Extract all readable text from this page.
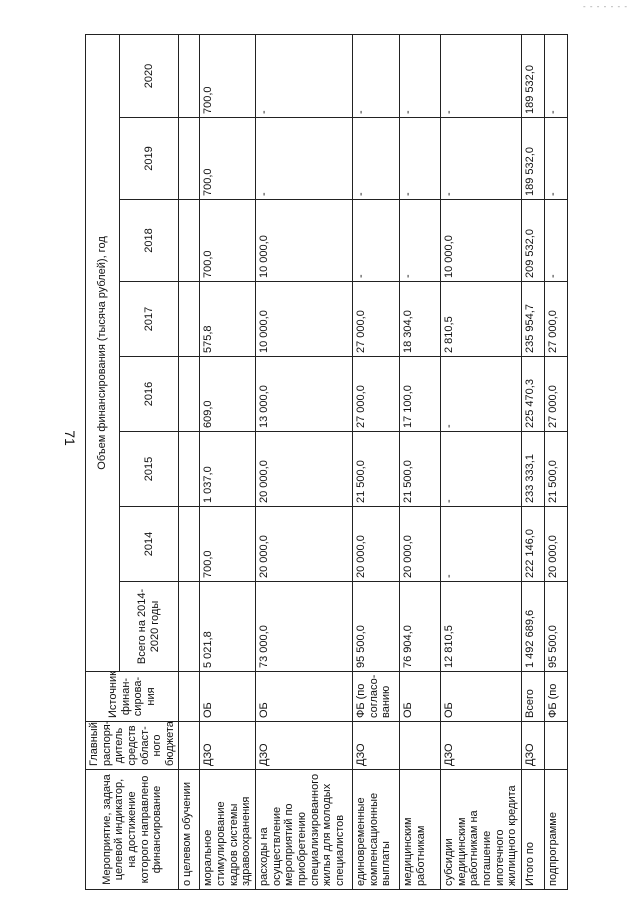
- - - - - - -
71
Мероприятие, задача целевой индикатор, на достижение которого направлено финансирование	Главный распоря-дитель средств област-ного бюджета	Источник финан-сирова-ния	Объем финансирования (тысяча рублей), год							
			Всего на 2014-2020 годы	2014	2015	2016	2017	2018	2019	2020
о целевом обучении										
моральное стимулирование кадров системы здравоохранения	ДЗО	ОБ	5 021,8	700,0	1 037,0	609,0	575,8	700,0	700,0	700,0
расходы на осуществление мероприятий по приобретению специализированного жилья для молодых специалистов	ДЗО	ОБ	73 000,0	20 000,0	20 000,0	13 000,0	10 000,0	10 000,0	-	-
единовременные компенсационные выплаты	ДЗО	ФБ (по согласо-ванию	95 500,0	20 000,0	21 500,0	27 000,0	27 000,0	-	-	-
медицинским работникам		ОБ	76 904,0	20 000,0	21 500,0	17 100,0	18 304,0	-	-	-
субсидии медицинским работникам на погашение ипотечного жилищного кредита	ДЗО	ОБ	12 810,5	-	-	-	2 810,5	10 000,0	-	-
Итого по	ДЗО	Всего	1 492 689,6	222 146,0	233 333,1	225 470,3	235 954,7	209 532,0	189 532,0	189 532,0
подпрограмме		ФБ (по	95 500,0	20 000,0	21 500,0	27 000,0	27 000,0	-	-	-
